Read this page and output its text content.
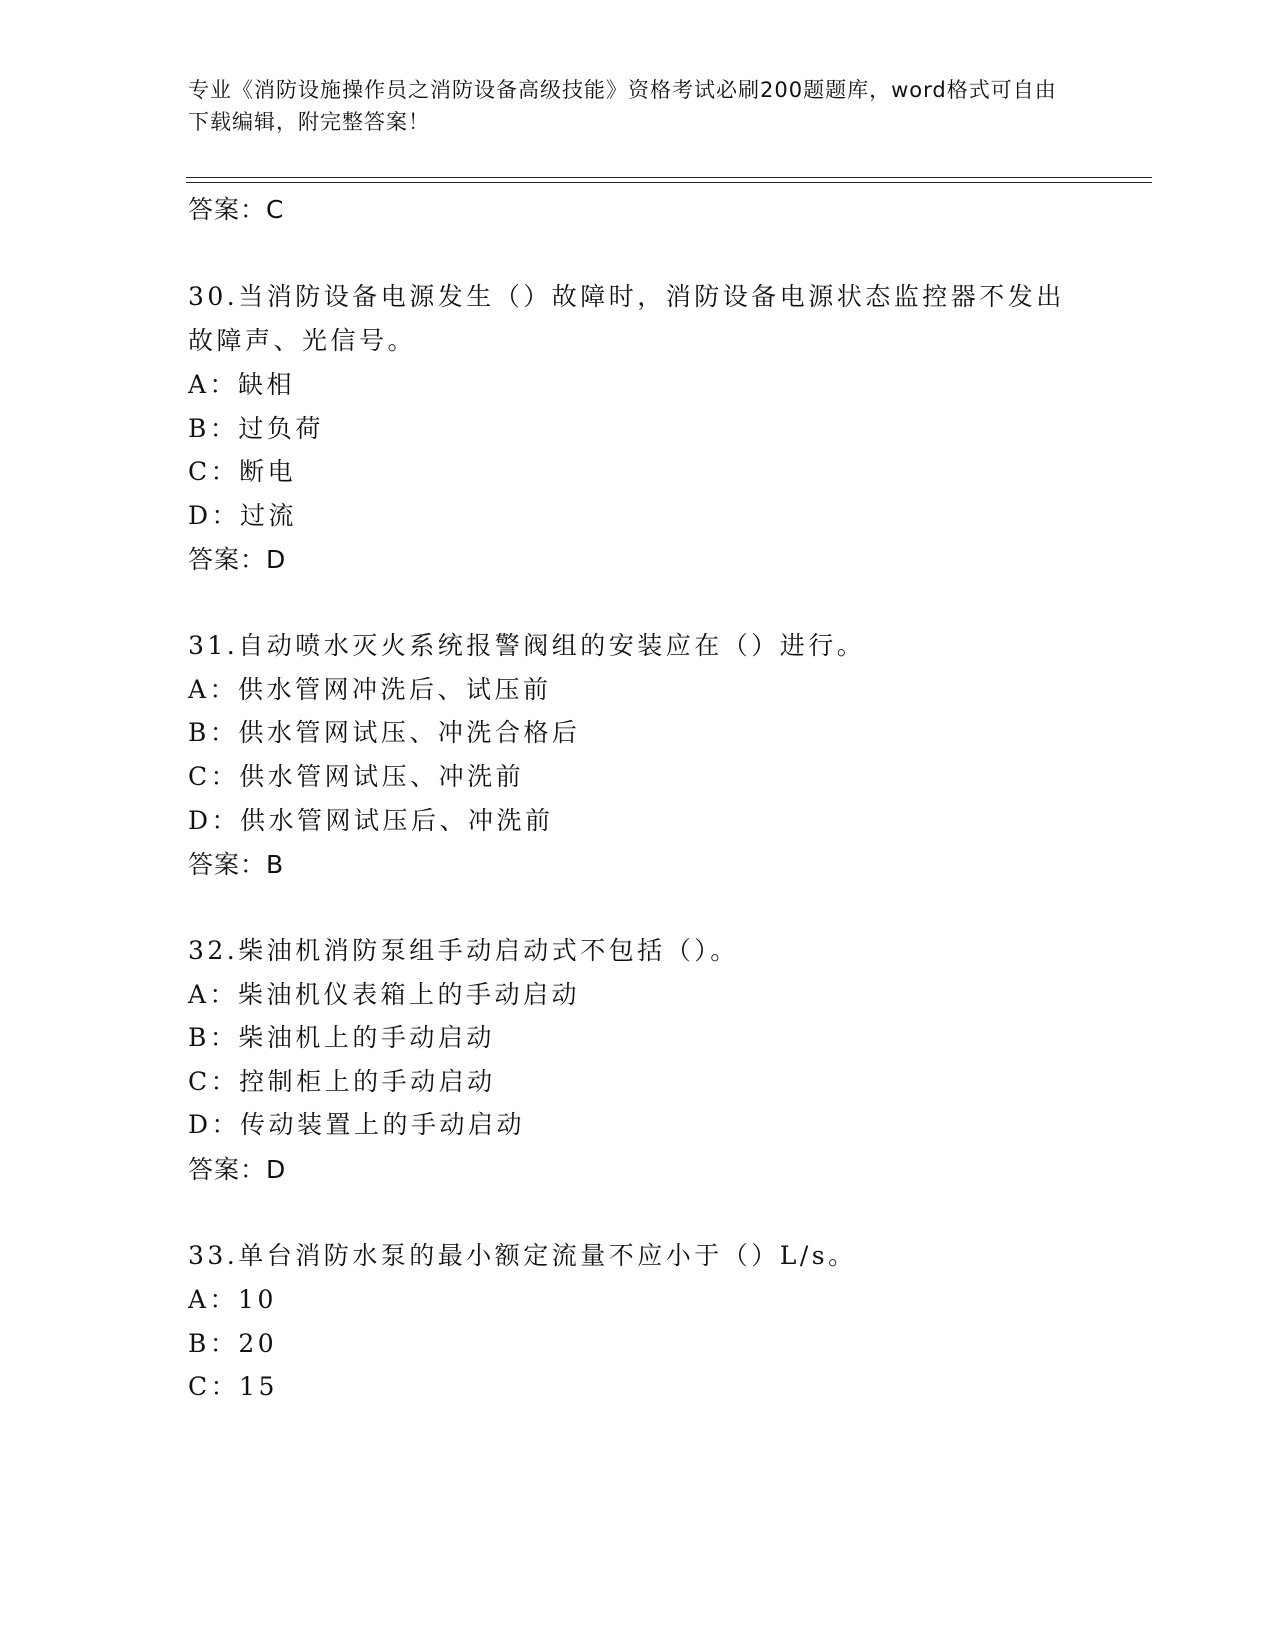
专业《消防设施操作员之消防设备高级技能》资格考试必刷200题题库，word格式可自由下载编辑，附完整答案！
答案：C
30.当消防设备电源发生（）故障时，消防设备电源状态监控器不发出
故障声、光信号。
A：缺相
B：过负荷
C：断电
D：过流
答案：D
31.自动喷水灭火系统报警阀组的安装应在（）进行。
A：供水管网冲洗后、试压前
B：供水管网试压、冲洗合格后
C：供水管网试压、冲洗前
D：供水管网试压后、冲洗前
答案：B
32.柴油机消防泵组手动启动式不包括（）。
A：柴油机仪表箱上的手动启动
B：柴油机上的手动启动
C：控制柜上的手动启动
D：传动装置上的手动启动
答案：D
33.单台消防水泵的最小额定流量不应小于（）L/s。
A：10
B：20
C：15
